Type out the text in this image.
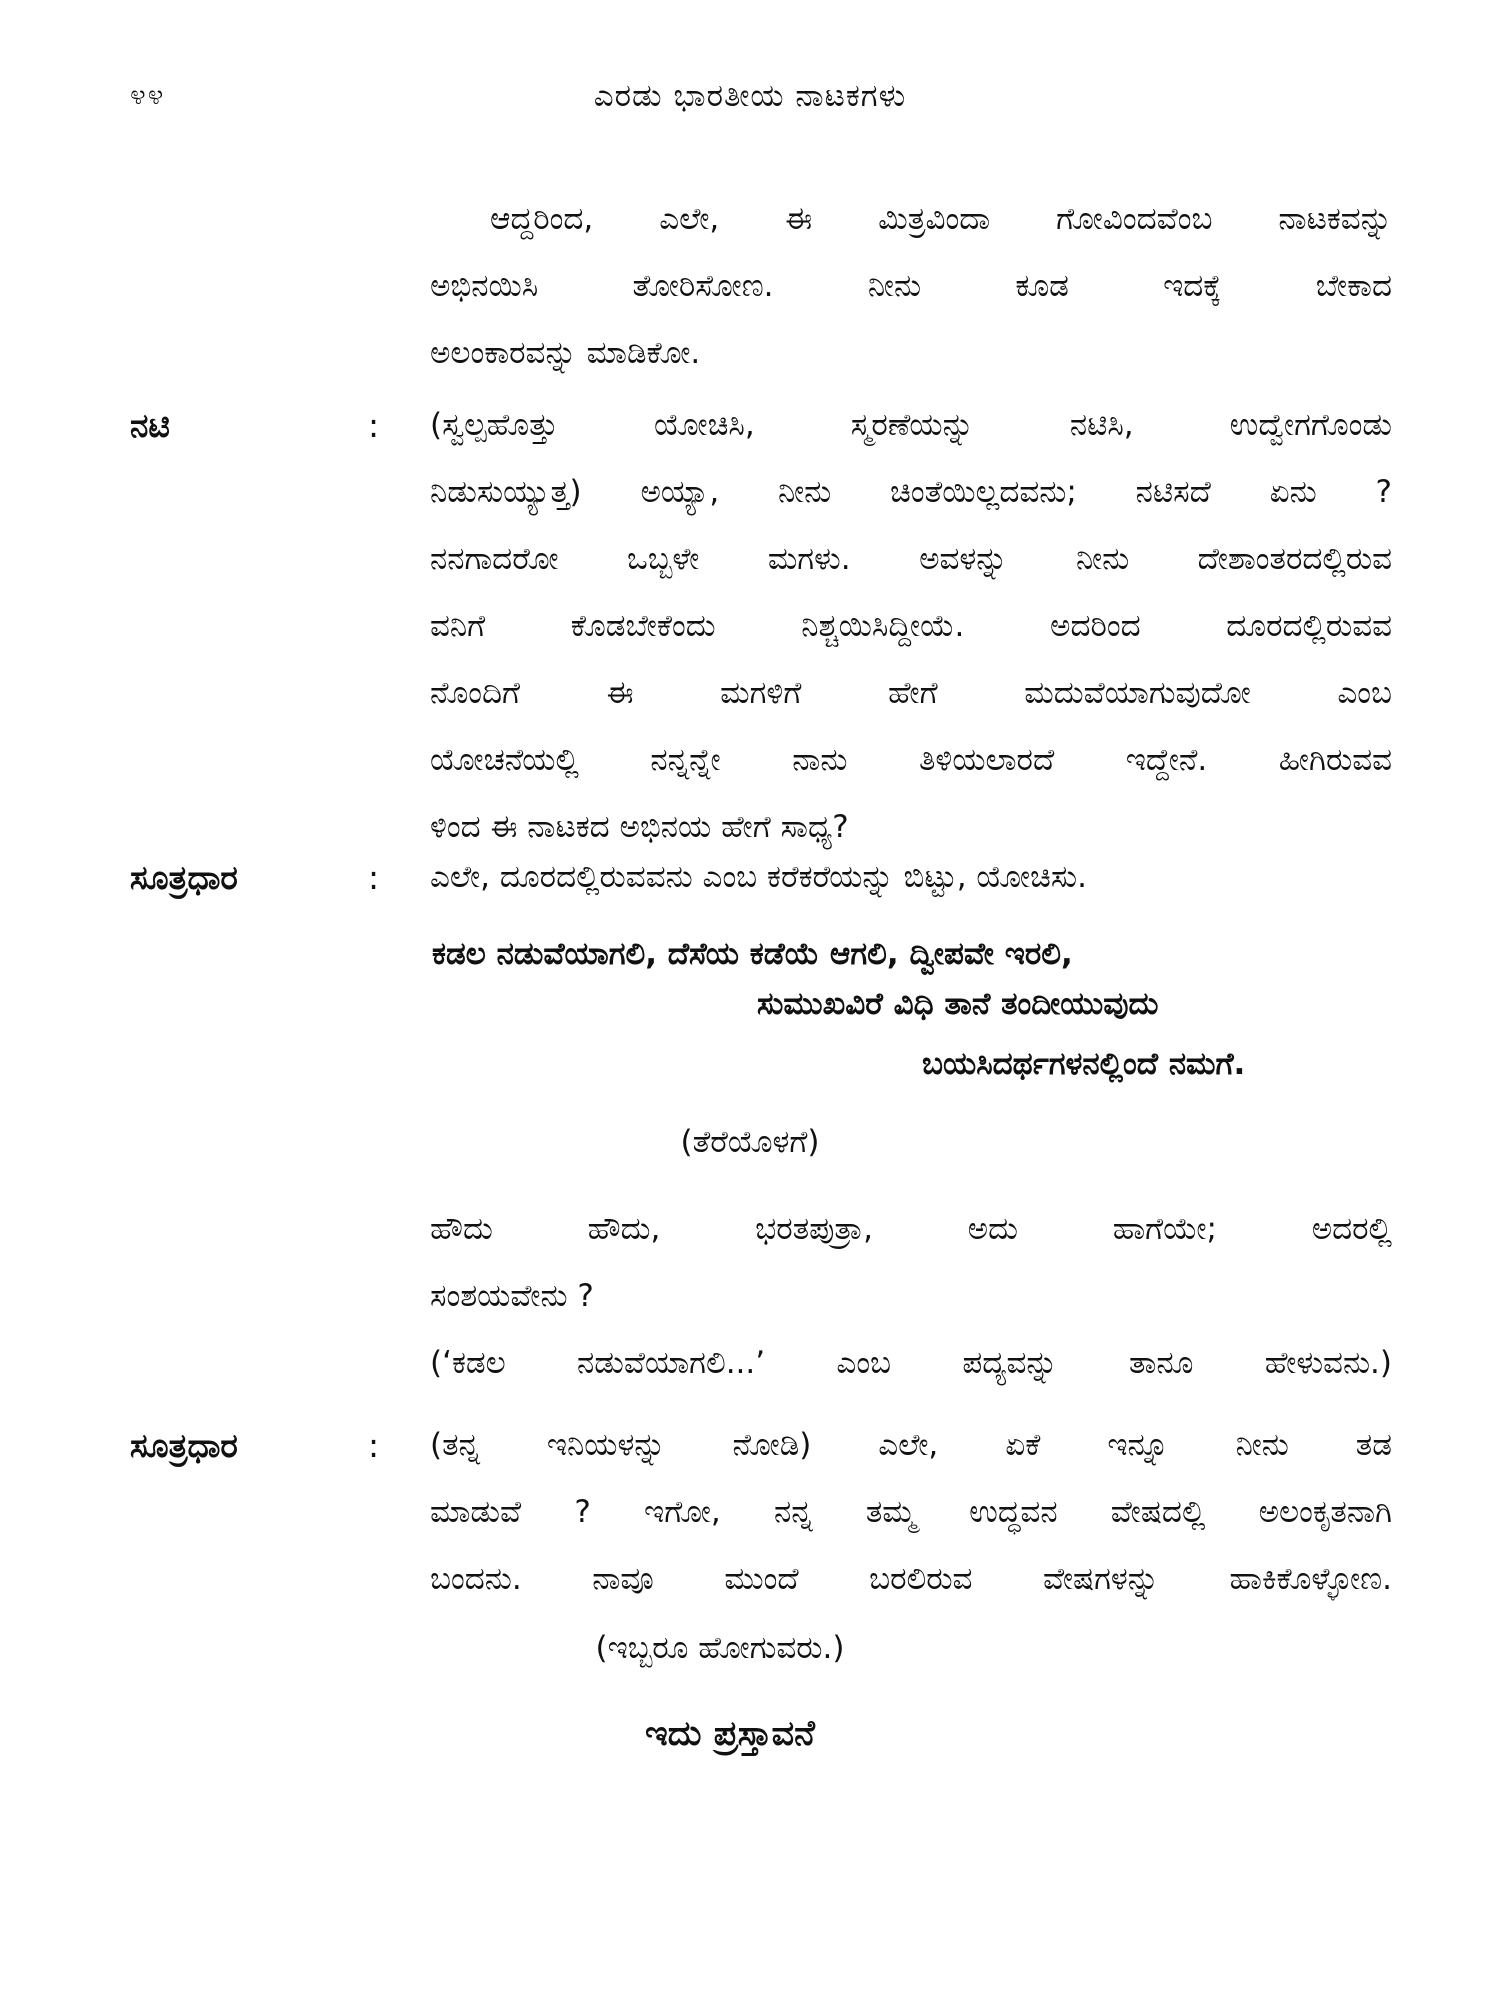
೪೪	ಎರಡು ಭಾರತೀಯ ನಾಟಕಗಳು
ಆದ್ದರಿಂದ, ಎಲೇ, ಈ ಮಿತ್ರವಿಂದಾ ಗೋವಿಂದವೆಂಬ ನಾಟಕವನ್ನು
ಅಭಿನಯಿಸಿ ತೋರಿಸೋಣ. ನೀನು ಕೂಡ ಇದಕ್ಕೆ ಬೇಕಾದ
ಅಲಂಕಾರವನ್ನು ಮಾಡಿಕೋ.
ನಟಿ	: (ಸ್ವಲ್ಪಹೊತ್ತು ಯೋಚಿಸಿ, ಸ್ಮರಣೆಯನ್ನು ನಟಿಸಿ, ಉದ್ವೇಗಗೊಂಡು
ನಿಡುಸುಯ್ಯುತ್ತ) ಅಯ್ಯಾ, ನೀನು ಚಿಂತೆಯಿಲ್ಲದವನು; ನಟಿಸದೆ ಏನು ?
ನನಗಾದರೋ ಒಬ್ಬಳೇ ಮಗಳು. ಅವಳನ್ನು ನೀನು ದೇಶಾಂತರದಲ್ಲಿರುವ
ವನಿಗೆ ಕೊಡಬೇಕೆಂದು ನಿಶ್ಚಯಿಸಿದ್ದೀಯೆ. ಅದರಿಂದ ದೂರದಲ್ಲಿರುವವ
ನೊಂದಿಗೆ ಈ ಮಗಳಿಗೆ ಹೇಗೆ ಮದುವೆಯಾಗುವುದೋ ಎಂಬ
ಯೋಚನೆಯಲ್ಲಿ ನನ್ನನ್ನೇ ನಾನು ತಿಳಿಯಲಾರದೆ ಇದ್ದೇನೆ. ಹೀಗಿರುವವ
ಳಿಂದ ಈ ನಾಟಕದ ಅಭಿನಯ ಹೇಗೆ ಸಾಧ್ಯ?
ಸೂತ್ರಧಾರ	: ಎಲೇ, ದೂರದಲ್ಲಿರುವವನು ಎಂಬ ಕರೆಕರೆಯನ್ನು ಬಿಟ್ಟು, ಯೋಚಿಸು.
ಕಡಲ ನಡುವೆಯಾಗಲಿ, ದೆಸೆಯ ಕಡೆಯೆ ಆಗಲಿ, ದ್ವೀಪವೇ ಇರಲಿ,
ಸುಮುಖವಿರೆ ವಿಧಿ ತಾನೆ ತಂದೀಯುವುದು
ಬಯಸಿದರ್ಥಗಳನಲ್ಲಿಂದೆ ನಮಗೆ.
(ತೆರೆಯೊಳಗೆ)
ಹೌದು ಹೌದು, ಭರತಪುತ್ರಾ, ಅದು ಹಾಗೆಯೇ; ಅದರಲ್ಲಿ
ಸಂಶಯವೇನು ?
(‘ಕಡಲ ನಡುವೆಯಾಗಲಿ...’ ಎಂಬ ಪದ್ಯವನ್ನು ತಾನೂ ಹೇಳುವನು.)
ಸೂತ್ರಧಾರ	: (ತನ್ನ ಇನಿಯಳನ್ನು ನೋಡಿ) ಎಲೇ, ಏಕೆ ಇನ್ನೂ ನೀನು ತಡ
ಮಾಡುವೆ ? ಇಗೋ, ನನ್ನ ತಮ್ಮ ಉದ್ಧವನ ವೇಷದಲ್ಲಿ ಅಲಂಕೃತನಾಗಿ
ಬಂದನು. ನಾವೂ ಮುಂದೆ ಬರಲಿರುವ ವೇಷಗಳನ್ನು ಹಾಕಿಕೊಳ್ಳೋಣ.
(ಇಬ್ಬರೂ ಹೋಗುವರು.)
ಇದು ಪ್ರಸ್ತಾವನೆ
